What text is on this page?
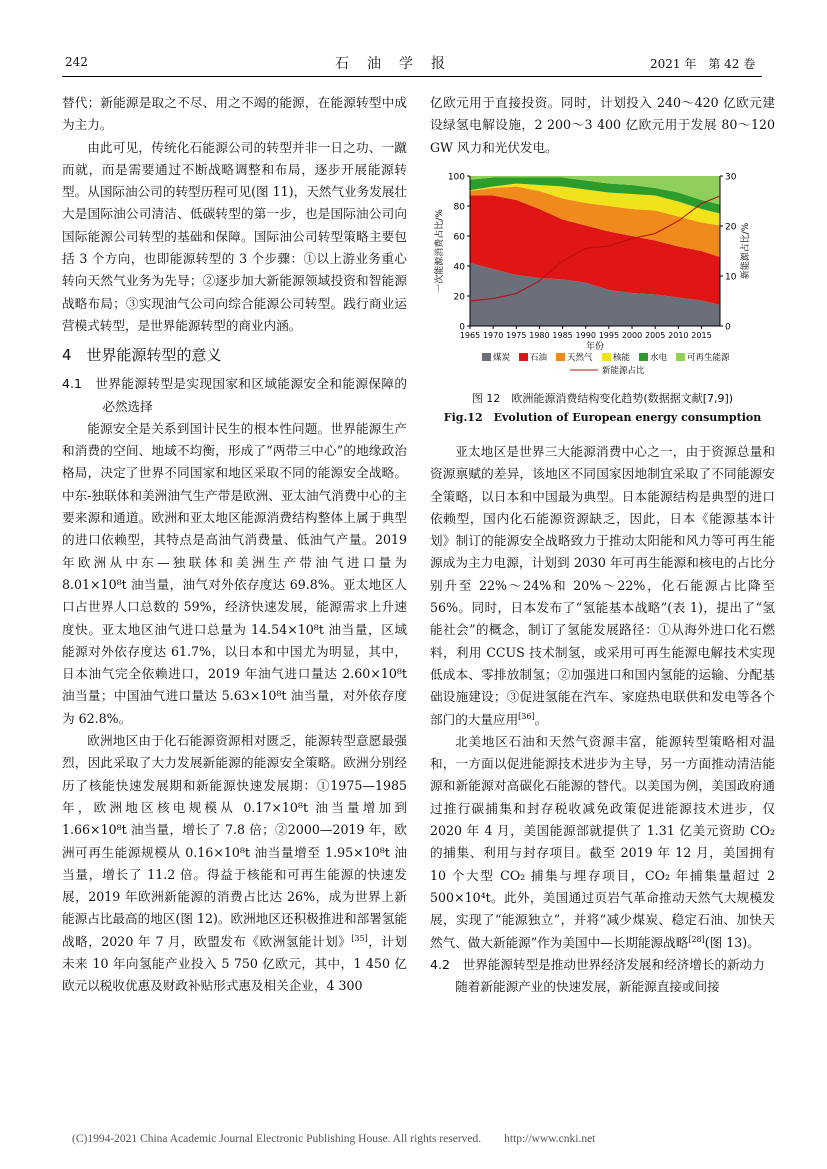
242	石　油　学　报	2021 年　第 42 卷

替代；新能源是取之不尽、用之不竭的能源，在能源转型中成为主力。

由此可见，传统化石能源公司的转型并非一日之功、一蹴而就，而是需要通过不断战略调整和布局，逐步开展能源转型。从国际油公司的转型历程可见(图 11)，天然气业务发展壮大是国际油公司清洁、低碳转型的第一步，也是国际油公司向国际能源公司转型的基础和保障。国际油公司转型策略主要包括 3 个方向，也即能源转型的 3 个步骤：①以上游业务重心转向天然气业务为先导；②逐步加大新能源领域投资和智能源战略布局；③实现油气公司向综合能源公司转型。践行商业运营模式转型，是世界能源转型的商业内涵。

4　世界能源转型的意义

4.1　世界能源转型是实现国家和区域能源安全和能源保障的必然选择

能源安全是关系到国计民生的根本性问题。世界能源生产和消费的空间、地域不均衡，形成了“两带三中心”的地缘政治格局，决定了世界不同国家和地区采取不同的能源安全战略。中东-独联体和美洲油气生产带是欧洲、亚太油气消费中心的主要来源和通道。欧洲和亚太地区能源消费结构整体上属于典型的进口依赖型，其特点是高油气消费量、低油气产量。2019 年欧洲从中东—独联体和美洲生产带油气进口量为 8.01×10⁸t 油当量，油气对外依存度达 69.8%。亚太地区人口占世界人口总数的 59%，经济快速发展，能源需求上升速度快。亚太地区油气进口总量为 14.54×10⁸t 油当量，区域能源对外依存度达 61.7%，以日本和中国尤为明显，其中，日本油气完全依赖进口，2019 年油气进口量达 2.60×10⁸t 油当量；中国油气进口量达 5.63×10⁸t 油当量，对外依存度为 62.8%。

欧洲地区由于化石能源资源相对匮乏，能源转型意愿最强烈，因此采取了大力发展新能源的能源安全策略。欧洲分别经历了核能快速发展期和新能源快速发展期：①1975—1985 年，欧洲地区核电规模从 0.17×10⁸t 油当量增加到 1.66×10⁸t 油当量，增长了 7.8 倍；②2000—2019 年，欧洲可再生能源规模从 0.16×10⁸t 油当量增至 1.95×10⁸t 油当量，增长了 11.2 倍。得益于核能和可再生能源的快速发展，2019 年欧洲新能源的消费占比达 26%，成为世界上新能源占比最高的地区(图 12)。欧洲地区还积极推进和部署氢能战略，2020 年 7 月，欧盟发布《欧洲氢能计划》[35]，计划未来 10 年向氢能产业投入 5 750 亿欧元，其中，1 450 亿欧元以税收优惠及财政补贴形式惠及相关企业，4 300

亿欧元用于直接投资。同时，计划投入 240～420 亿欧元建设绿氢电解设施，2 200～3 400 亿欧元用于发展 80～120 GW 风力和光伏发电。

0
20
40
60
80
100
0
10
20
30
1965 1970 1975 1980 1985 1990 1995 2000 2005 2010 2015
年份
一次能源消费占比/%	新能源占比/%
煤炭 石油 天然气 核能 水电 可再生能源
新能源占比
图 12　欧洲能源消费结构变化趋势(数据据文献[7,9])
Fig.12　Evolution of European energy consumption

亚太地区是世界三大能源消费中心之一，由于资源总量和资源禀赋的差异，该地区不同国家因地制宜采取了不同能源安全策略，以日本和中国最为典型。日本能源结构是典型的进口依赖型，国内化石能源资源缺乏，因此，日本《能源基本计划》制订的能源安全战略致力于推动太阳能和风力等可再生能源成为主力电源，计划到 2030 年可再生能源和核电的占比分别升至 22%～24%和 20%～22%，化石能源占比降至 56%。同时，日本发布了“氢能基本战略”(表 1)，提出了“氢能社会”的概念，制订了氢能发展路径：①从海外进口化石燃料，利用 CCUS 技术制氢，或采用可再生能源电解技术实现低成本、零排放制氢；②加强进口和国内氢能的运输、分配基础设施建设；③促进氢能在汽车、家庭热电联供和发电等各个部门的大量应用[36]。

北美地区石油和天然气资源丰富，能源转型策略相对温和，一方面以促进能源技术进步为主导，另一方面推动清洁能源和新能源对高碳化石能源的替代。以美国为例，美国政府通过推行碳捕集和封存税收减免政策促进能源技术进步，仅 2020 年 4 月，美国能源部就提供了 1.31 亿美元资助 CO₂ 的捕集、利用与封存项目。截至 2019 年 12 月，美国拥有 10 个大型 CO₂ 捕集与埋存项目，CO₂ 年捕集量超过 2 500×10⁴t。此外，美国通过页岩气革命推动天然气大规模发展，实现了“能源独立”，并将“减少煤炭、稳定石油、加快天然气、做大新能源”作为美国中—长期能源战略[28](图 13)。

4.2　世界能源转型是推动世界经济发展和经济增长的新动力

随着新能源产业的快速发展，新能源直接或间接

(C)1994-2021 China Academic Journal Electronic Publishing House. All rights reserved.　　http://www.cnki.net
